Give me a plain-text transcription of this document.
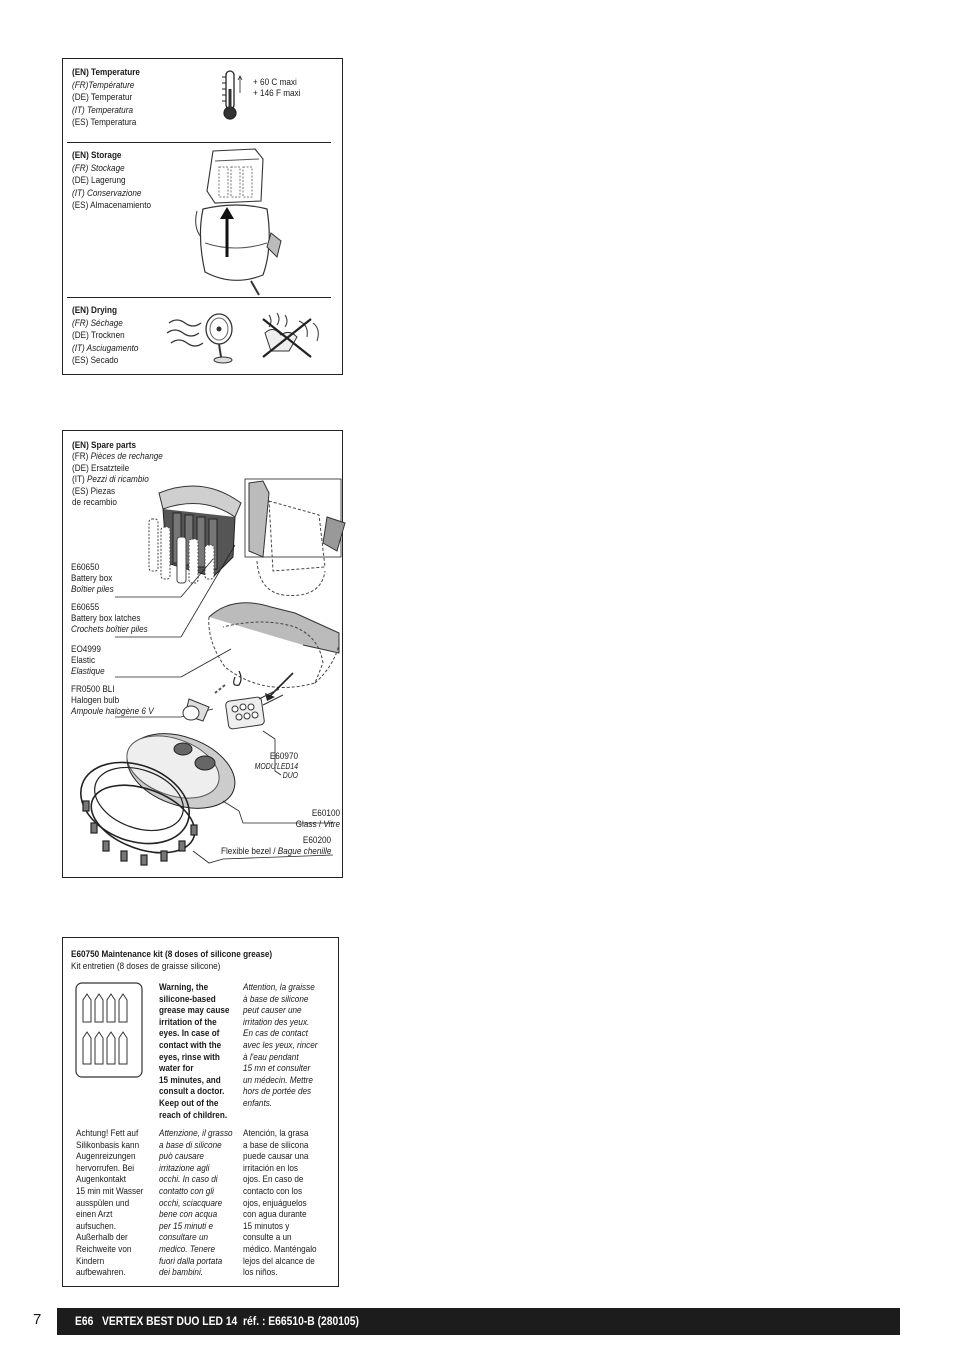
(EN) Temperature
(FR)Température
(DE) Temperatur
(IT) Temperatura
(ES) Temperatura
+ 60 C maxi
+ 146 F maxi
(EN) Storage
(FR) Stockage
(DE) Lagerung
(IT) Conservazione
(ES) Almacenamiento
(EN) Drying
(FR) Séchage
(DE) Trocknen
(IT) Asciugamento
(ES) Secado
(EN) Spare parts
(FR) Pièces de rechange
(DE) Ersatzteile
(IT) Pezzi di ricambio
(ES) Piezas
de recambio
E60650
Battery box
Boîtier piles
E60655
Battery box latches
Crochets boîtier piles
EO4999
Elastic
Elastique
FR0500 BLI
Halogen bulb
Ampoule halogène 6 V
E60970
MODU'LED14
DUO
E60100
Glass / Vitre
E60200
Flexible bezel / Bague chenille
E60750 Maintenance kit (8 doses of silicone grease)
Kit entretien (8 doses de graisse silicone)
Warning, the
silicone-based
grease may cause
irritation of the
eyes. In case of
contact with the
eyes, rinse with
water for
15 minutes, and
consult a doctor.
Keep out of the
reach of children.
Attention, la graisse
à base de silicone
peut causer une
irritation des yeux.
En cas de contact
avec les yeux, rincer
à l'eau pendant
15 mn et consulter
un médecin. Mettre
hors de portée des
enfants.
Achtung! Fett auf
Silikonbasis kann
Augenreizungen
hervorrufen. Bei
Augenkontakt
15 min mit Wasser
ausspülen und
einen Arzt
aufsuchen.
Außerhalb der
Reichweite von
Kindern
aufbewahren.
Attenzione, il grasso
a base di silicone
può causare
irritazione agli
occhi. In caso di
contatto con gli
occhi, sciacquare
bene con acqua
per 15 minuti e
consultare un
medico. Tenere
fuori dalla portata
dei bambini.
Atención, la grasa
a base de silicona
puede causar una
irritación en los
ojos. En caso de
contacto con los
ojos, enjuáguelos
con agua durante
15 minutos y
consulte a un
médico. Manténgalo
lejos del alcance de
los niños.
7	E66   VERTEX BEST DUO LED 14  réf. : E66510-B (280105)
